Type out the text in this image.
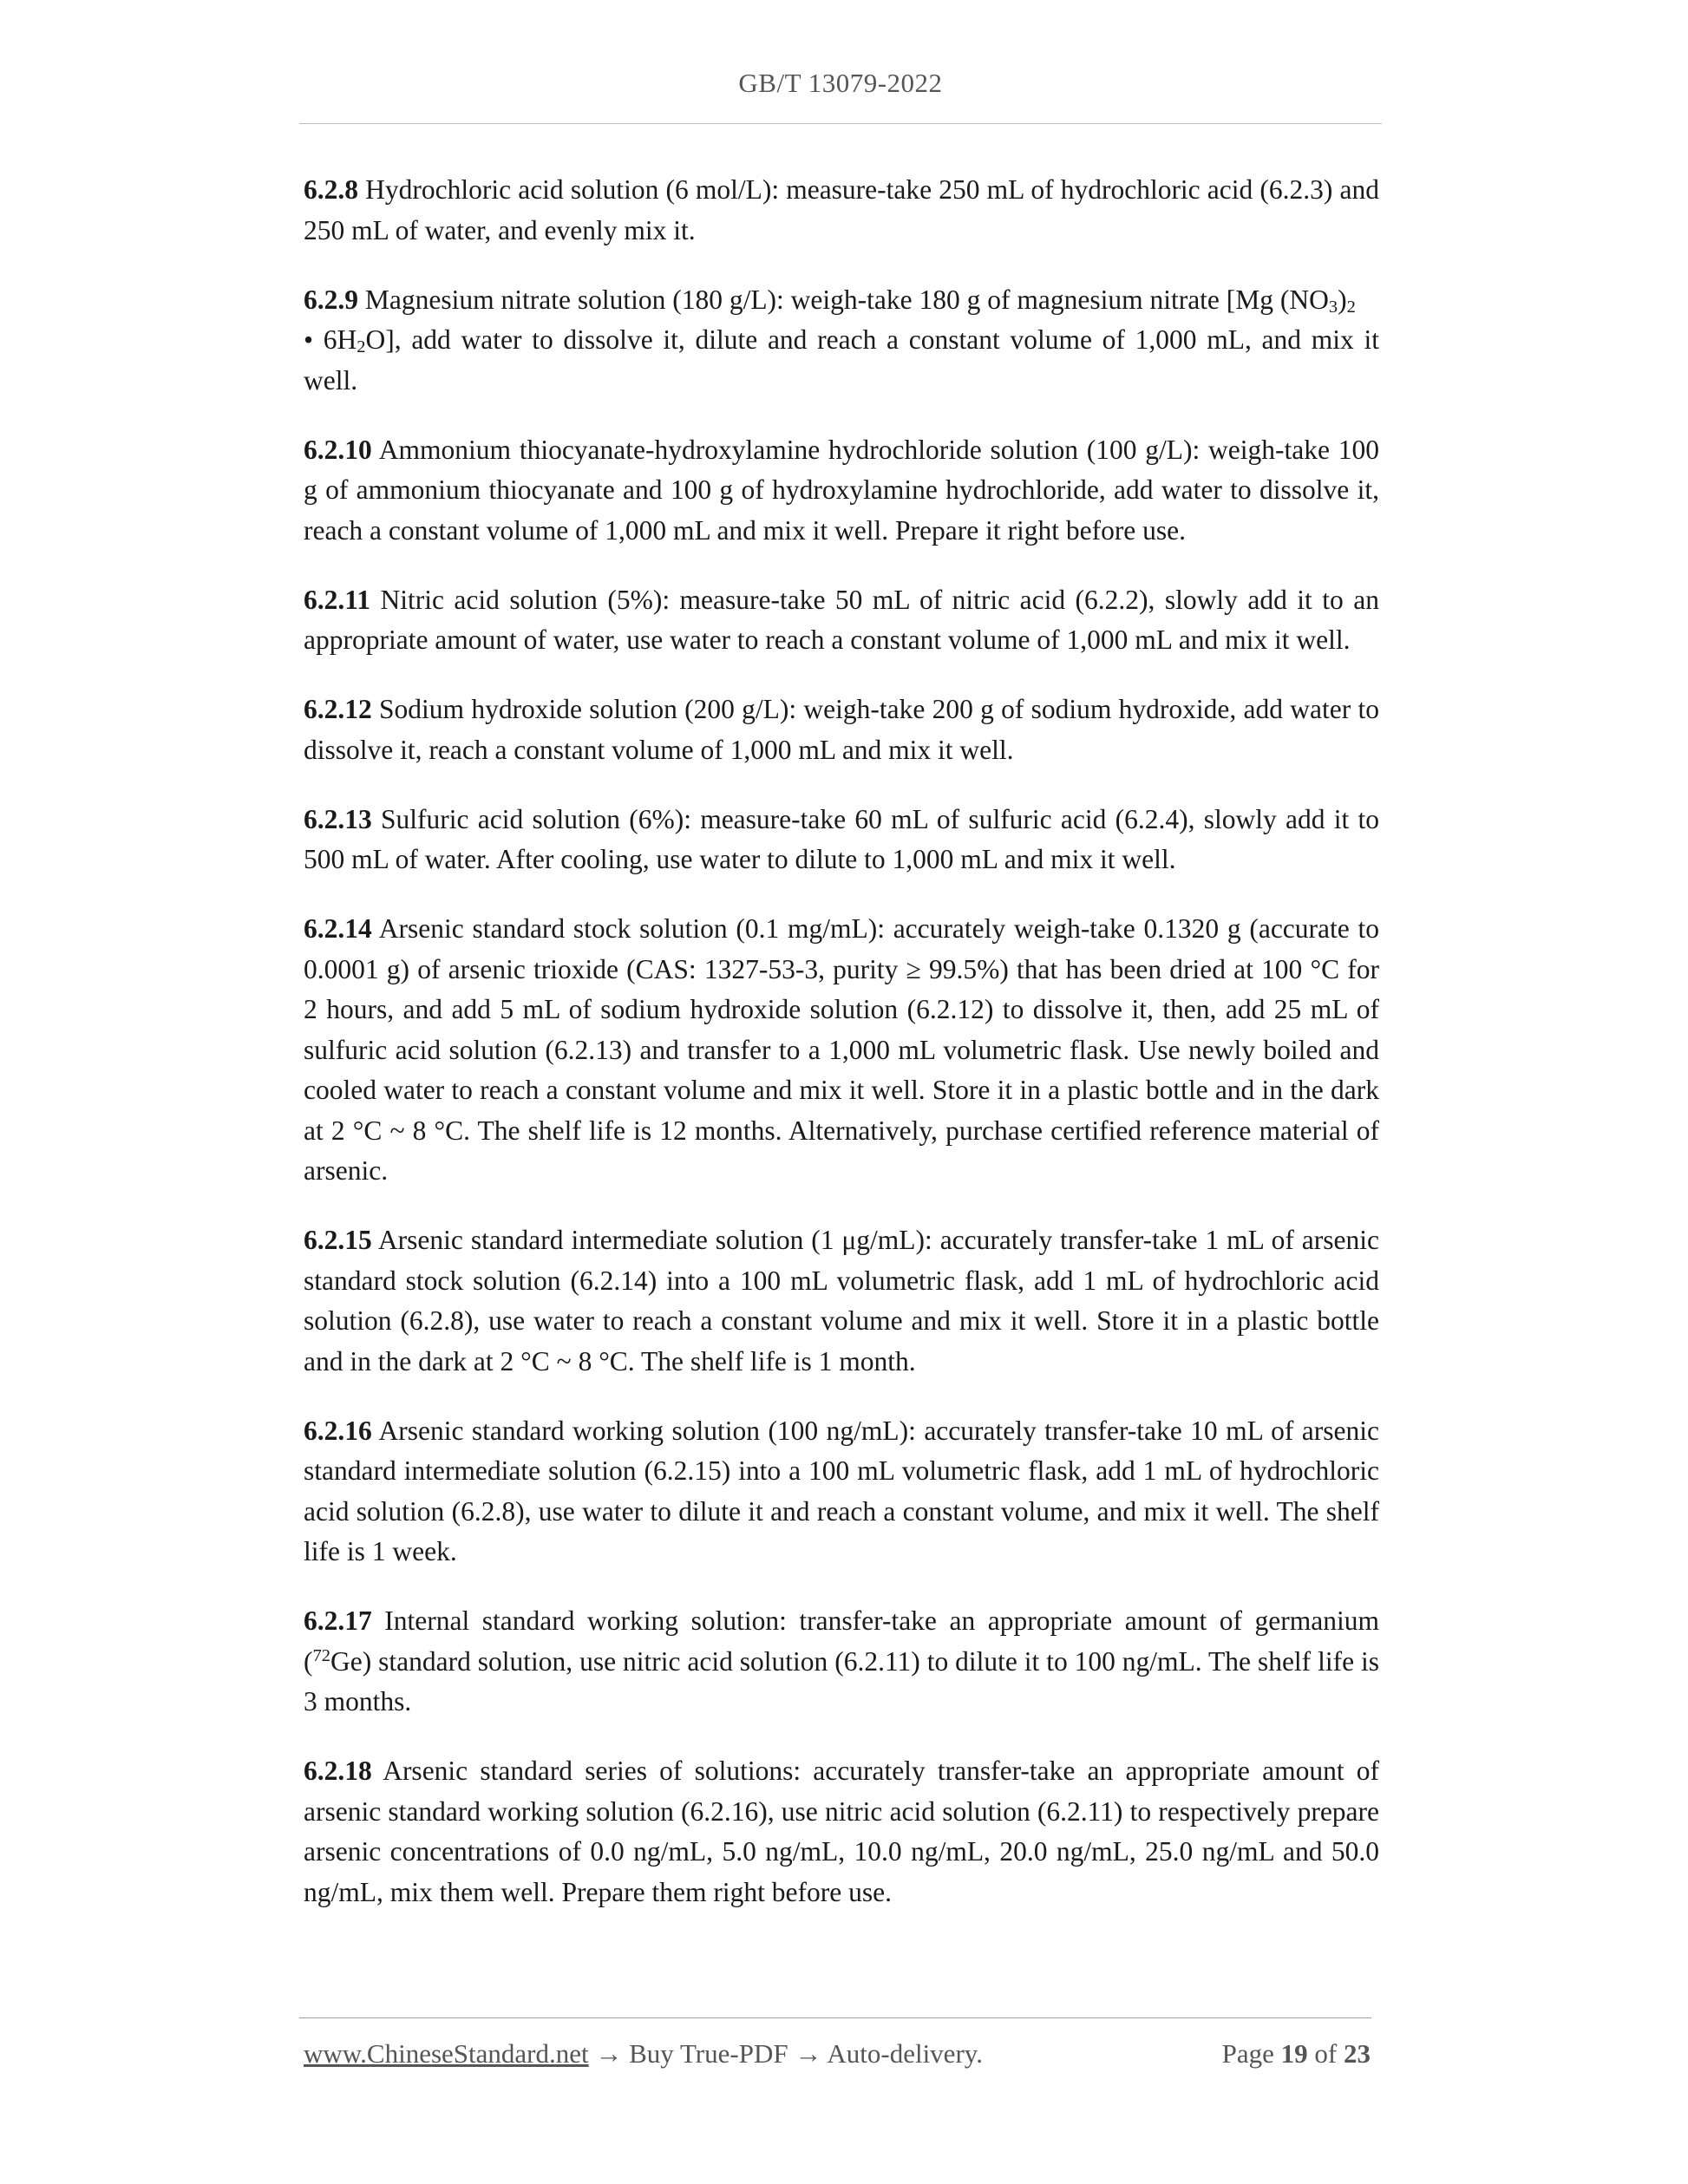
GB/T 13079-2022

6.2.8 Hydrochloric acid solution (6 mol/L): measure-take 250 mL of hydrochloric acid (6.2.3) and 250 mL of water, and evenly mix it.

6.2.9 Magnesium nitrate solution (180 g/L): weigh-take 180 g of magnesium nitrate [Mg $(NO_3)_2$
• $6H_2O$], add water to dissolve it, dilute and reach a constant volume of 1,000 mL, and mix it well.

6.2.10 Ammonium thiocyanate-hydroxylamine hydrochloride solution (100 g/L): weigh-take 100 g of ammonium thiocyanate and 100 g of hydroxylamine hydrochloride, add water to dissolve it, reach a constant volume of 1,000 mL and mix it well. Prepare it right before use.

6.2.11 Nitric acid solution (5%): measure-take 50 mL of nitric acid (6.2.2), slowly add it to an appropriate amount of water, use water to reach a constant volume of 1,000 mL and mix it well.

6.2.12 Sodium hydroxide solution (200 g/L): weigh-take 200 g of sodium hydroxide, add water to dissolve it, reach a constant volume of 1,000 mL and mix it well.

6.2.13 Sulfuric acid solution (6%): measure-take 60 mL of sulfuric acid (6.2.4), slowly add it to 500 mL of water. After cooling, use water to dilute to 1,000 mL and mix it well.

6.2.14 Arsenic standard stock solution (0.1 mg/mL): accurately weigh-take 0.1320 g (accurate to 0.0001 g) of arsenic trioxide (CAS: 1327-53-3, purity ≥ 99.5%) that has been dried at 100 °C for 2 hours, and add 5 mL of sodium hydroxide solution (6.2.12) to dissolve it, then, add 25 mL of sulfuric acid solution (6.2.13) and transfer to a 1,000 mL volumetric flask. Use newly boiled and cooled water to reach a constant volume and mix it well. Store it in a plastic bottle and in the dark at 2 °C ~ 8 °C. The shelf life is 12 months. Alternatively, purchase certified reference material of arsenic.

6.2.15 Arsenic standard intermediate solution (1 μg/mL): accurately transfer-take 1 mL of arsenic standard stock solution (6.2.14) into a 100 mL volumetric flask, add 1 mL of hydrochloric acid solution (6.2.8), use water to reach a constant volume and mix it well. Store it in a plastic bottle and in the dark at 2 °C ~ 8 °C. The shelf life is 1 month.

6.2.16 Arsenic standard working solution (100 ng/mL): accurately transfer-take 10 mL of arsenic standard intermediate solution (6.2.15) into a 100 mL volumetric flask, add 1 mL of hydrochloric acid solution (6.2.8), use water to dilute it and reach a constant volume, and mix it well. The shelf life is 1 week.

6.2.17 Internal standard working solution: transfer-take an appropriate amount of germanium ($^{72}$Ge) standard solution, use nitric acid solution (6.2.11) to dilute it to 100 ng/mL. The shelf life is 3 months.

6.2.18 Arsenic standard series of solutions: accurately transfer-take an appropriate amount of arsenic standard working solution (6.2.16), use nitric acid solution (6.2.11) to respectively prepare arsenic concentrations of 0.0 ng/mL, 5.0 ng/mL, 10.0 ng/mL, 20.0 ng/mL, 25.0 ng/mL and 50.0 ng/mL, mix them well. Prepare them right before use.

www.ChineseStandard.net → Buy True-PDF → Auto-delivery.	Page 19 of 23
